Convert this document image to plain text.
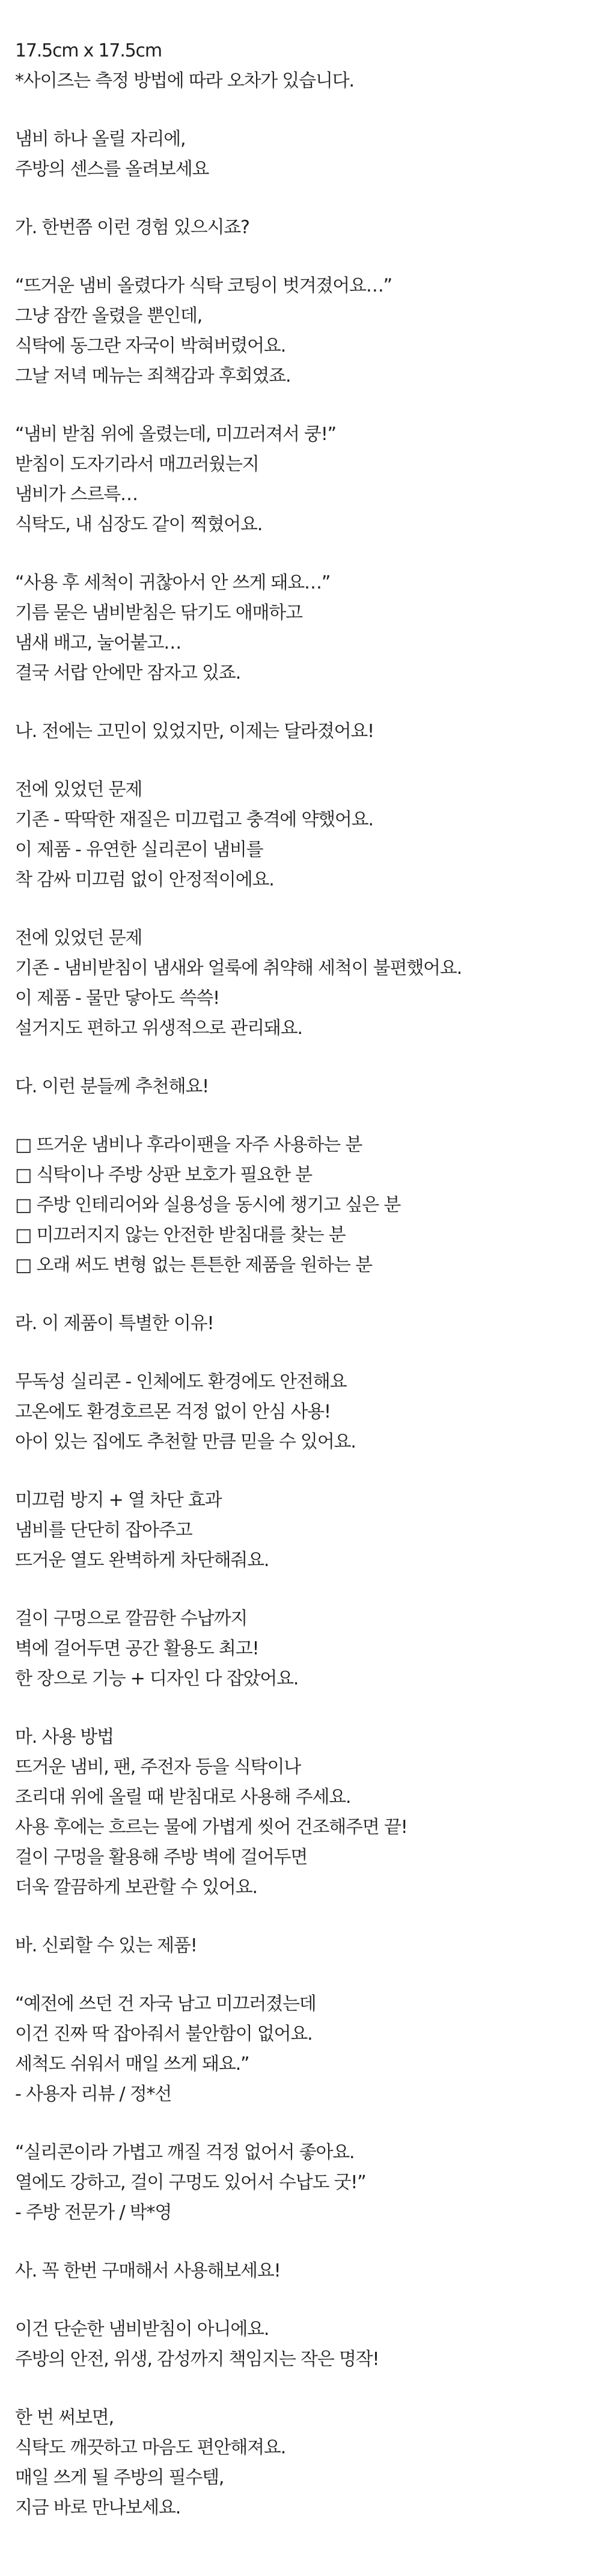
17.5cm x 17.5cm
*사이즈는 측정 방법에 따라 오차가 있습니다.
냄비 하나 올릴 자리에,
주방의 센스를 올려보세요
가. 한번쯤 이런 경험 있으시죠?
“뜨거운 냄비 올렸다가 식탁 코팅이 벗겨졌어요…”
그냥 잠깐 올렸을 뿐인데,
식탁에 동그란 자국이 박혀버렸어요.
그날 저녁 메뉴는 죄책감과 후회였죠.
“냄비 받침 위에 올렸는데, 미끄러져서 쿵!”
받침이 도자기라서 매끄러웠는지
냄비가 스르륵…
식탁도, 내 심장도 같이 찍혔어요.
“사용 후 세척이 귀찮아서 안 쓰게 돼요…”
기름 묻은 냄비받침은 닦기도 애매하고
냄새 배고, 눌어붙고…
결국 서랍 안에만 잠자고 있죠.
나. 전에는 고민이 있었지만, 이제는 달라졌어요!
전에 있었던 문제
기존 - 딱딱한 재질은 미끄럽고 충격에 약했어요.
이 제품 - 유연한 실리콘이 냄비를
착 감싸 미끄럼 없이 안정적이에요.
전에 있었던 문제
기존 - 냄비받침이 냄새와 얼룩에 취약해 세척이 불편했어요.
이 제품 - 물만 닿아도 쓱쓱!
설거지도 편하고 위생적으로 관리돼요.
다. 이런 분들께 추천해요!
□ 뜨거운 냄비나 후라이팬을 자주 사용하는 분
□ 식탁이나 주방 상판 보호가 필요한 분
□ 주방 인테리어와 실용성을 동시에 챙기고 싶은 분
□ 미끄러지지 않는 안전한 받침대를 찾는 분
□ 오래 써도 변형 없는 튼튼한 제품을 원하는 분
라. 이 제품이 특별한 이유!
무독성 실리콘 - 인체에도 환경에도 안전해요
고온에도 환경호르몬 걱정 없이 안심 사용!
아이 있는 집에도 추천할 만큼 믿을 수 있어요.
미끄럼 방지 + 열 차단 효과
냄비를 단단히 잡아주고
뜨거운 열도 완벽하게 차단해줘요.
걸이 구멍으로 깔끔한 수납까지
벽에 걸어두면 공간 활용도 최고!
한 장으로 기능 + 디자인 다 잡았어요.
마. 사용 방법
뜨거운 냄비, 팬, 주전자 등을 식탁이나
조리대 위에 올릴 때 받침대로 사용해 주세요.
사용 후에는 흐르는 물에 가볍게 씻어 건조해주면 끝!
걸이 구멍을 활용해 주방 벽에 걸어두면
더욱 깔끔하게 보관할 수 있어요.
바. 신뢰할 수 있는 제품!
“예전에 쓰던 건 자국 남고 미끄러졌는데
이건 진짜 딱 잡아줘서 불안함이 없어요.
세척도 쉬워서 매일 쓰게 돼요.”
- 사용자 리뷰 / 정*선
“실리콘이라 가볍고 깨질 걱정 없어서 좋아요.
열에도 강하고, 걸이 구멍도 있어서 수납도 굿!”
- 주방 전문가 / 박*영
사. 꼭 한번 구매해서 사용해보세요!
이건 단순한 냄비받침이 아니에요.
주방의 안전, 위생, 감성까지 책임지는 작은 명작!
한 번 써보면,
식탁도 깨끗하고 마음도 편안해져요.
매일 쓰게 될 주방의 필수템,
지금 바로 만나보세요.
